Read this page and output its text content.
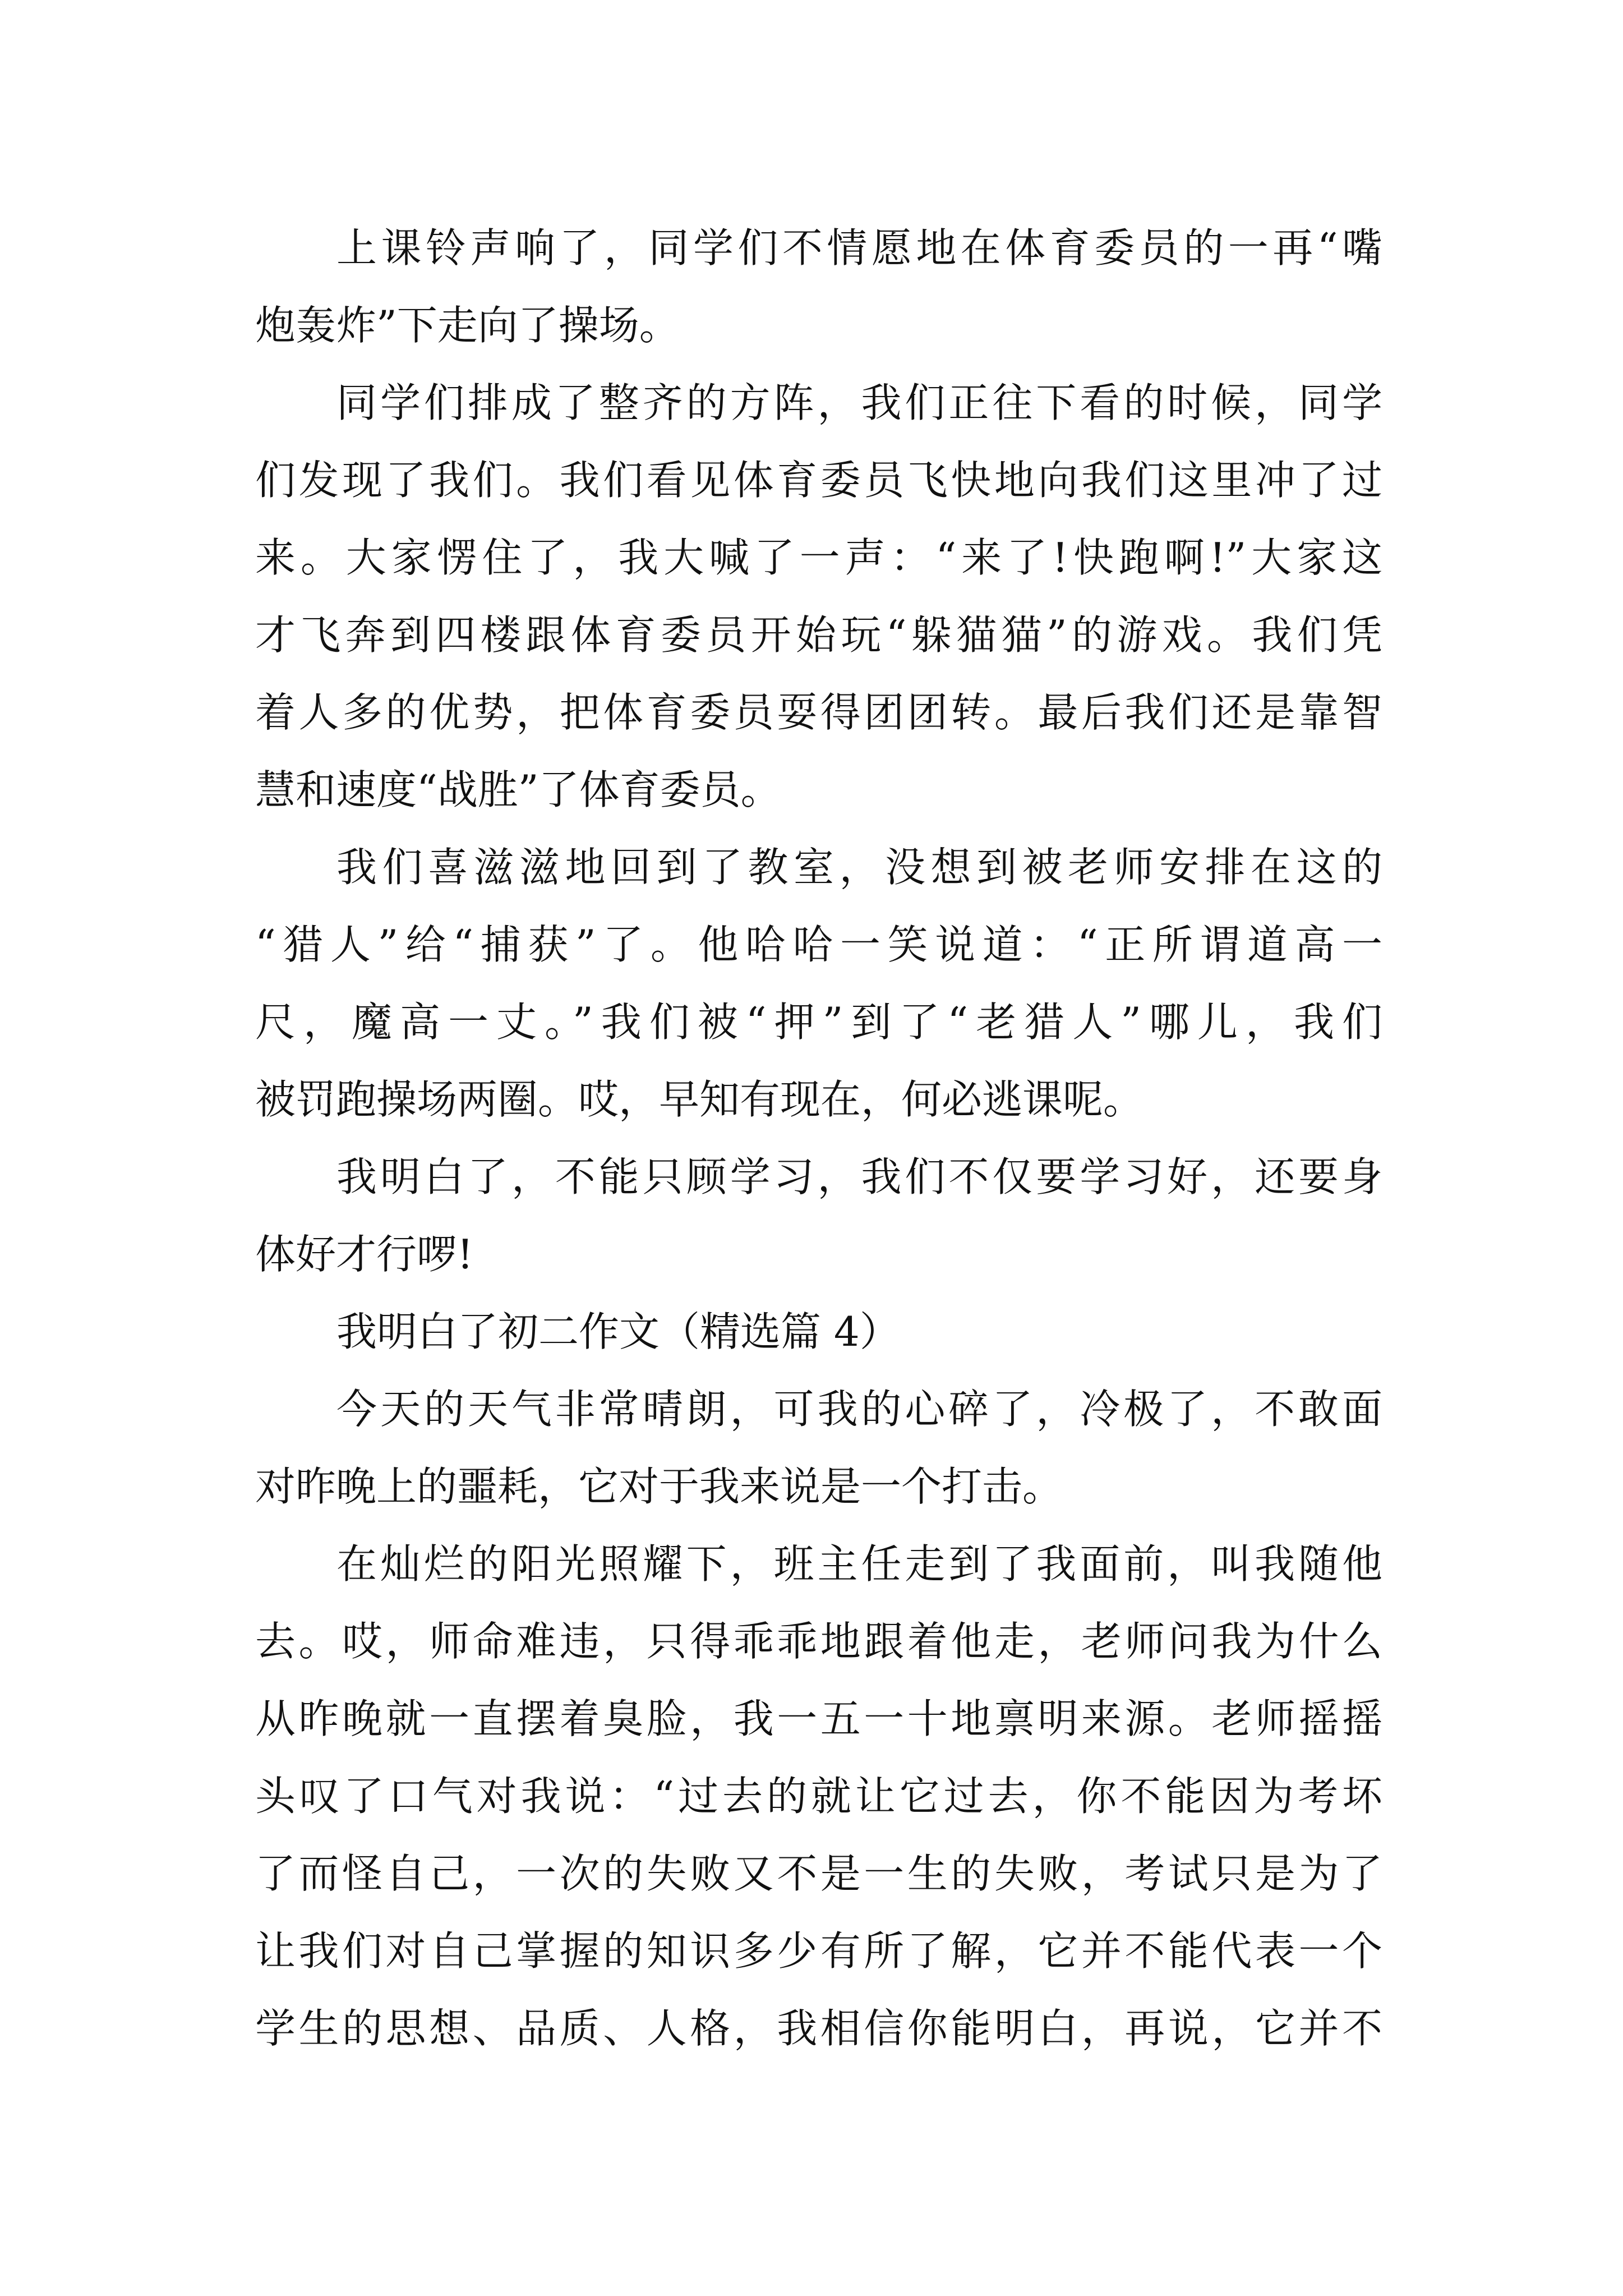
上课铃声响了，同学们不情愿地在体育委员的一再“嘴
炮轰炸”下走向了操场。
同学们排成了整齐的方阵，我们正往下看的时候，同学
们发现了我们。我们看见体育委员飞快地向我们这里冲了过
来。大家愣住了，我大喊了一声：“来了!快跑啊!”大家这
才飞奔到四楼跟体育委员开始玩“躲猫猫”的游戏。我们凭
着人多的优势，把体育委员耍得团团转。最后我们还是靠智
慧和速度“战胜”了体育委员。
我们喜滋滋地回到了教室，没想到被老师安排在这的
“猎人”给“捕获”了。他哈哈一笑说道：“正所谓道高一
尺，魔高一丈。”我们被“押”到了“老猎人”哪儿，我们
被罚跑操场两圈。哎，早知有现在，何必逃课呢。
我明白了，不能只顾学习，我们不仅要学习好，还要身
体好才行啰!
我明白了初二作文（精选篇 4）
今天的天气非常晴朗，可我的心碎了，冷极了，不敢面
对昨晚上的噩耗，它对于我来说是一个打击。
在灿烂的阳光照耀下，班主任走到了我面前，叫我随他
去。哎，师命难违，只得乖乖地跟着他走，老师问我为什么
从昨晚就一直摆着臭脸，我一五一十地禀明来源。老师摇摇
头叹了口气对我说：“过去的就让它过去，你不能因为考坏
了而怪自己，一次的失败又不是一生的失败，考试只是为了
让我们对自己掌握的知识多少有所了解，它并不能代表一个
学生的思想、品质、人格，我相信你能明白，再说，它并不
